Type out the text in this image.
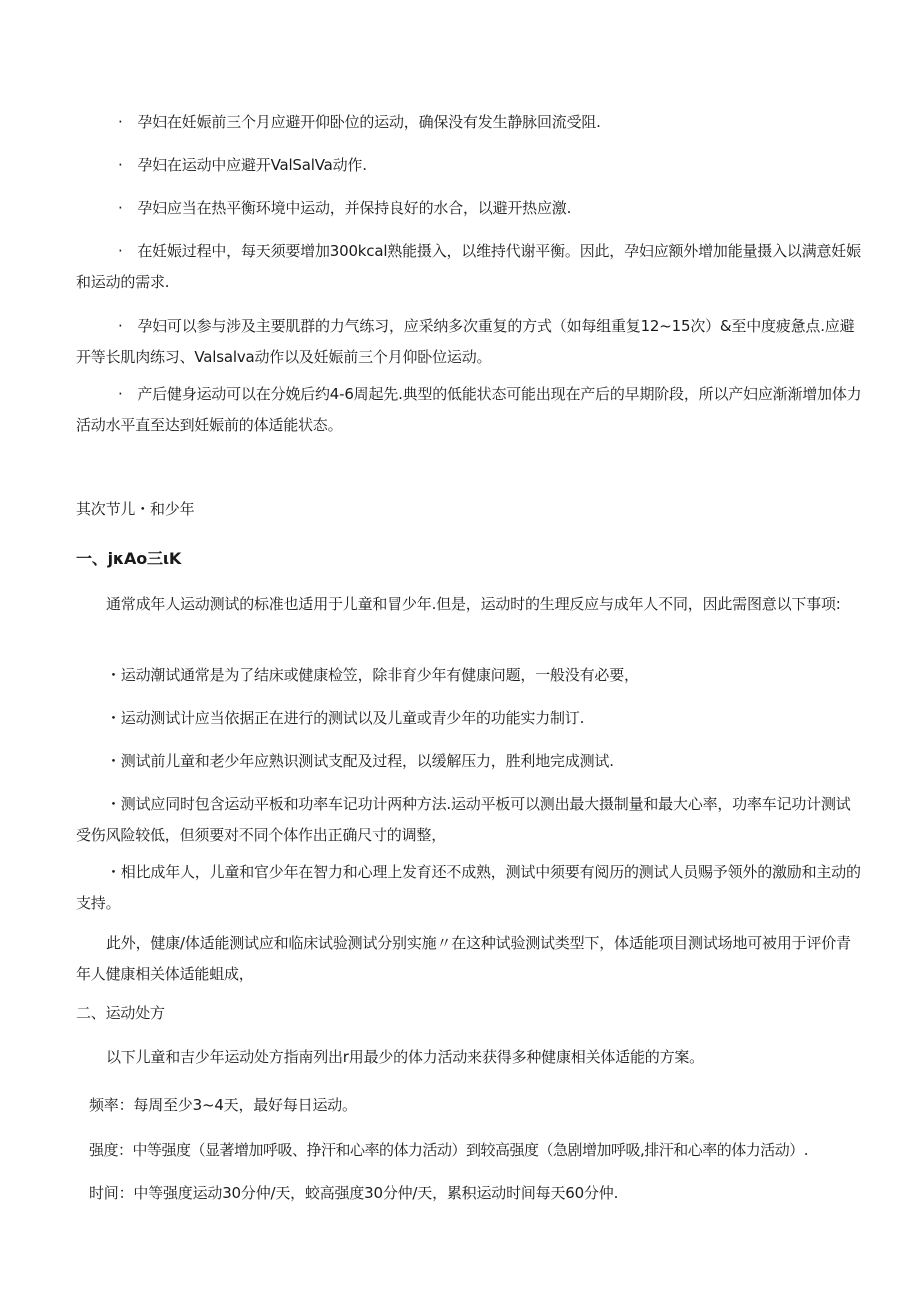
·　孕妇在妊娠前三个月应避开仰卧位的运动，确保没有发生静脉回流受阻.
·　孕妇在运动中应避开ValSalVa动作.
·　孕妇应当在热平衡环境中运动，并保持良好的水合，以避开热应激.
·　在妊娠过程中，每天须要增加300kcal熟能摄入，以维持代谢平衡。因此，孕妇应额外增加能量摄入以满意妊娠和运动的需求.
·　孕妇可以参与涉及主要肌群的力气练习，应采纳多次重复的方式（如每组重复12~15次）&至中度疲惫点.应避开等长肌肉练习、Valsalva动作以及妊娠前三个月仰卧位运动。
·　产后健身运动可以在分娩后约4-6周起先.典型的低能状态可能出现在产后的早期阶段，所以产妇应渐渐增加体力活动水平直至达到妊娠前的体适能状态。
其次节儿・和少年
一、jκAo三ιK
通常成年人运动测试的标准也适用于儿童和冒少年.但是，运动时的生理反应与成年人不同，因此需图意以下事项:
・运动潮试通常是为了结床或健康检笠，除非育少年有健康问题，一般没有必要，
・运动测试计应当依据正在进行的测试以及儿童或青少年的功能实力制订.
・测试前儿童和老少年应熟识测试支配及过程，以缓解压力，胜利地完成测试.
・测试应同时包含运动平板和功率车记功计两种方法.运动平板可以测出最大摄制量和最大心率，功率车记功计测试受伤风险较低，但须要对不同个体作出正确尺寸的调整，
・相比成年人，儿童和官少年在智力和心理上发育还不成熟，测试中须要有阅历的测试人员赐予领外的激励和主动的支持。
此外，健康/体适能测试应和临床试验测试分别实施〃在这种试验测试类型下，体适能项目测试场地可被用于评价青年人健康相关体适能蛆成，
二、运动处方
以下儿童和吉少年运动处方指南列出r用最少的体力活动来获得多种健康相关体适能的方案。
频率：每周至少3~4天，最好每日运动。
强度：中等强度（显著增加呼吸、挣汗和心率的体力活动）到较高强度（急剧增加呼吸,排汗和心率的体力活动）.
时间：中等强度运动30分仲/天，蛟高强度30分仲/天，累积运动时间每天60分仲.
